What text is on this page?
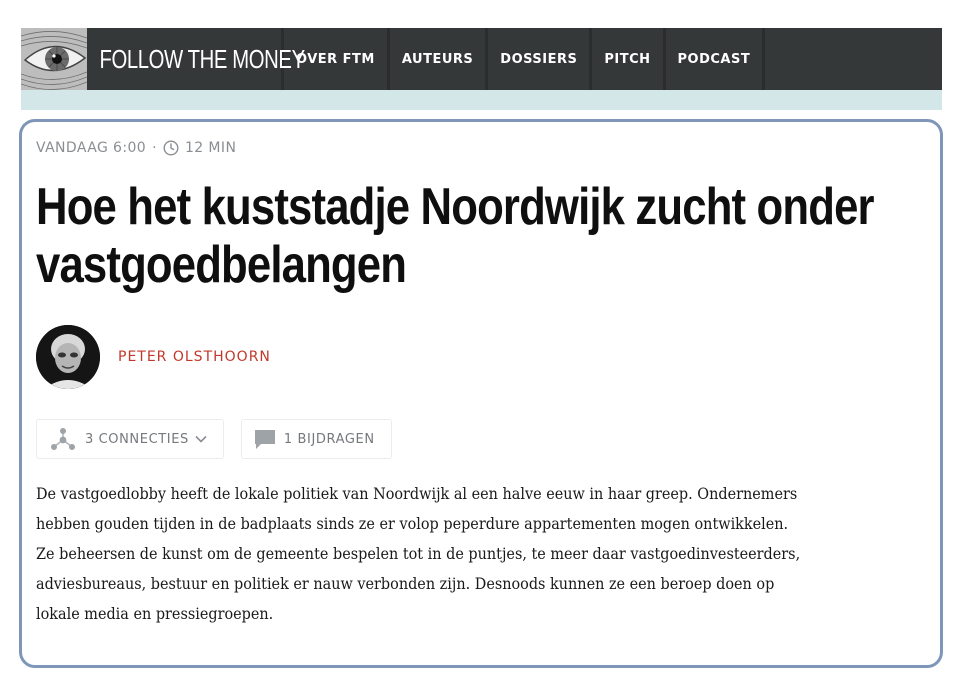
FOLLOW THE MONEY
OVER FTM	AUTEURS	DOSSIERS	PITCH	PODCAST
VANDAAG 6:00 · 12 MIN
Hoe het kuststadje Noordwijk zucht onder vastgoedbelangen
PETER OLSTHOORN
3 CONNECTIES	1 BIJDRAGEN

De vastgoedlobby heeft de lokale politiek van Noordwijk al een halve eeuw in haar greep. Ondernemers hebben gouden tijden in de badplaats sinds ze er volop peperdure appartementen mogen ontwikkelen. Ze beheersen de kunst om de gemeente bespelen tot in de puntjes, te meer daar vastgoedinvesteerders, adviesbureaus, bestuur en politiek er nauw verbonden zijn. Desnoods kunnen ze een beroep doen op lokale media en pressiegroepen.
